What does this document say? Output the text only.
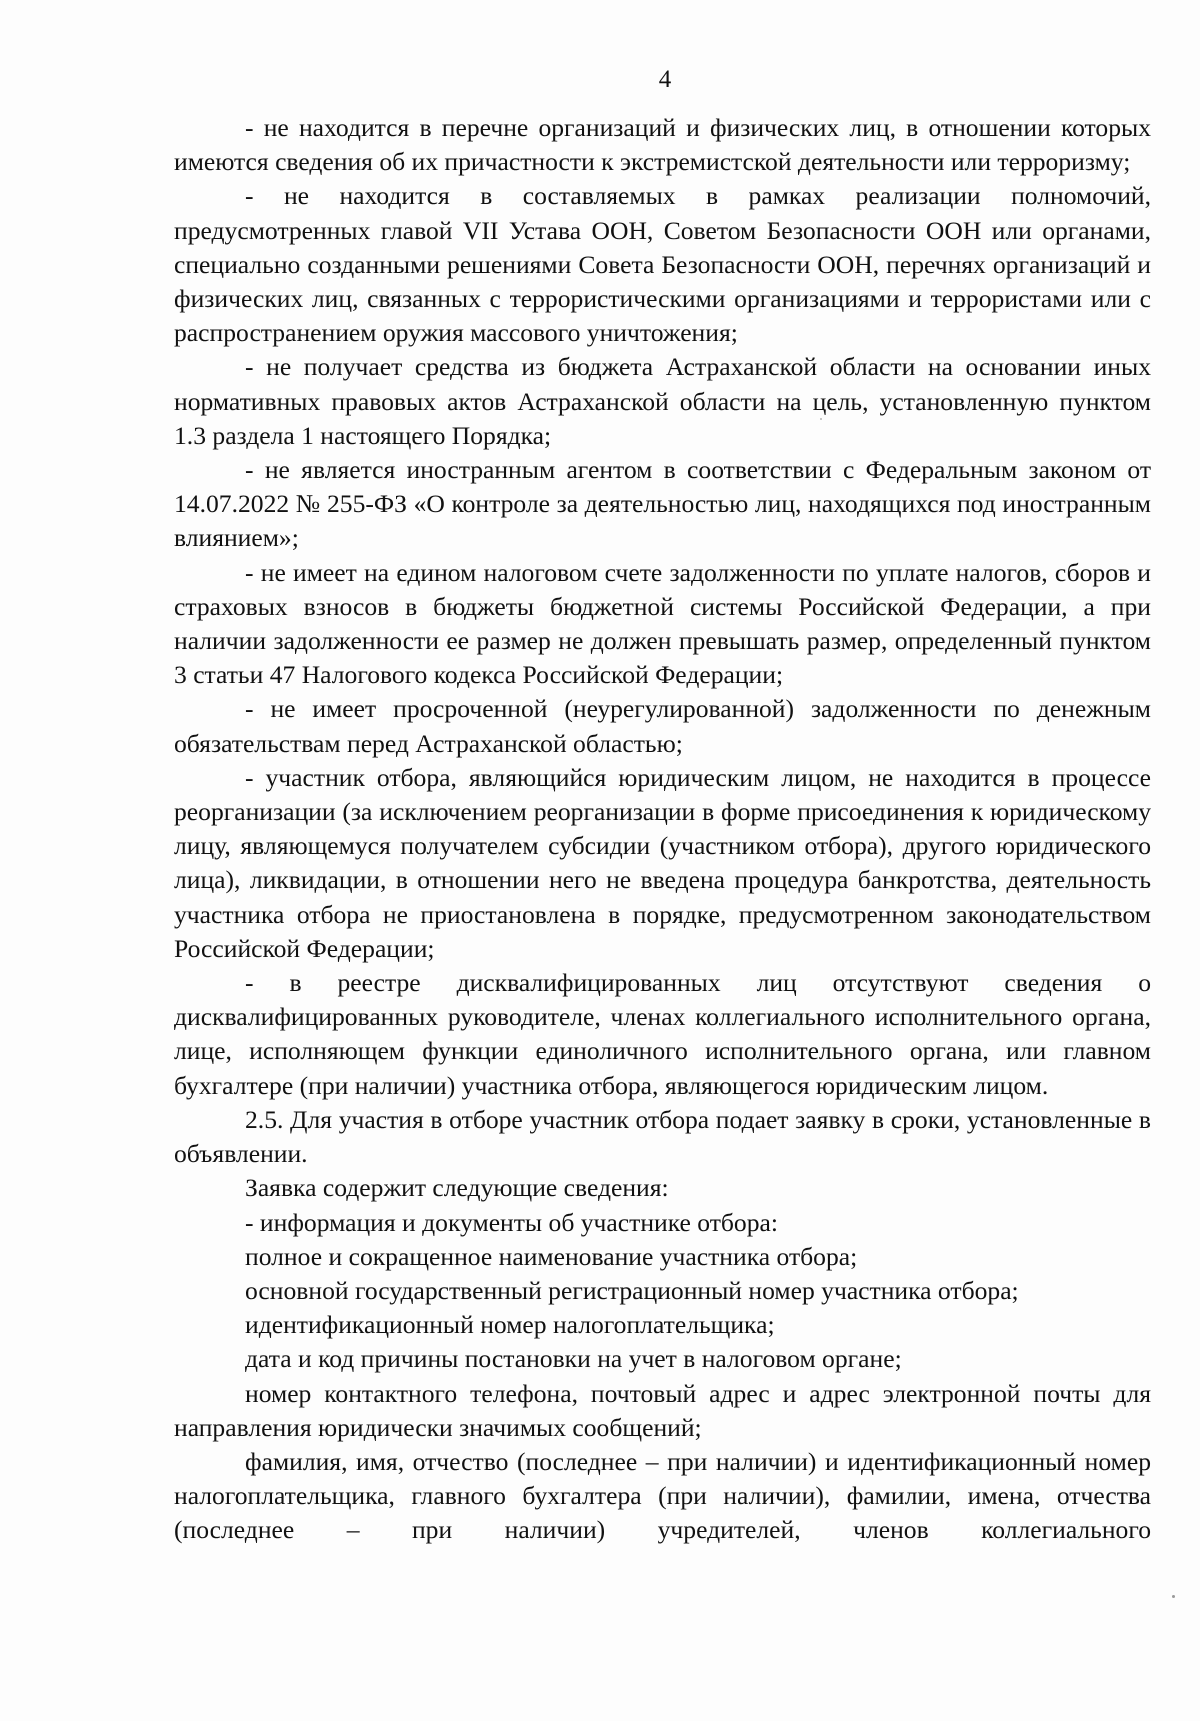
4

- не находится в перечне организаций и физических лиц, в отношении которых имеются сведения об их причастности к экстремистской деятельности или терроризму;

- не находится в составляемых в рамках реализации полномочий, предусмотренных главой VII Устава ООН, Советом Безопасности ООН или органами, специально созданными решениями Совета Безопасности ООН, перечнях организаций и физических лиц, связанных с террористическими организациями и террористами или с распространением оружия массового уничтожения;

- не получает средства из бюджета Астраханской области на основании иных нормативных правовых актов Астраханской области на цель, установленную пунктом 1.3 раздела 1 настоящего Порядка;

- не является иностранным агентом в соответствии с Федеральным законом от 14.07.2022 № 255-ФЗ «О контроле за деятельностью лиц, находящихся под иностранным влиянием»;

- не имеет на едином налоговом счете задолженности по уплате налогов, сборов и страховых взносов в бюджеты бюджетной системы Российской Федерации, а при наличии задолженности ее размер не должен превышать размер, определенный пунктом 3 статьи 47 Налогового кодекса Российской Федерации;

- не имеет просроченной (неурегулированной) задолженности по денежным обязательствам перед Астраханской областью;

- участник отбора, являющийся юридическим лицом, не находится в процессе реорганизации (за исключением реорганизации в форме присоединения к юридическому лицу, являющемуся получателем субсидии (участником отбора), другого юридического лица), ликвидации, в отношении него не введена процедура банкротства, деятельность участника отбора не приостановлена в порядке, предусмотренном законодательством Российской Федерации;

- в реестре дисквалифицированных лиц отсутствуют сведения о дисквалифицированных руководителе, членах коллегиального исполнительного органа, лице, исполняющем функции единоличного исполнительного органа, или главном бухгалтере (при наличии) участника отбора, являющегося юридическим лицом.

2.5. Для участия в отборе участник отбора подает заявку в сроки, установленные в объявлении.

Заявка содержит следующие сведения:

- информация и документы об участнике отбора:

полное и сокращенное наименование участника отбора;

основной государственный регистрационный номер участника отбора;

идентификационный номер налогоплательщика;

дата и код причины постановки на учет в налоговом органе;

номер контактного телефона, почтовый адрес и адрес электронной почты для направления юридически значимых сообщений;

фамилия, имя, отчество (последнее – при наличии) и идентификационный номер налогоплательщика, главного бухгалтера (при наличии), фамилии, имена, отчества (последнее – при наличии) учредителей, членов коллегиального
